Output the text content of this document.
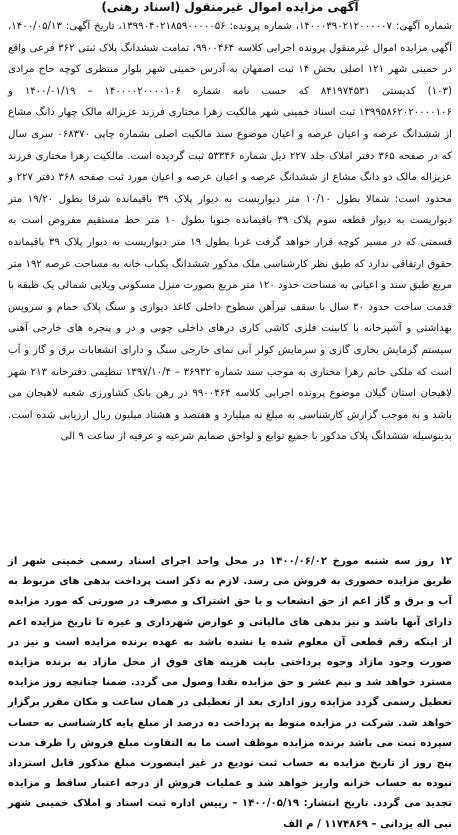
آگهی مزایده اموال غیرمنقول (اسناد رهنی)

شماره آگهی: ۱۴۰۰۰۳۹۰۲۱۲۰۰۰۰۰۷، شماره پرونده: ۱۳۹۹۰۴۰۲۱۸۵۹۰۰۰۰۰۵۶، تاریخ آگهی: ۱۴۰۰/۰۵/۱۳، آگهی مزایده اموال غیرمنقول پرونده اجرایی کلاسه ۹۹۰۰۴۶۴، تمامت ششدانگ پلاک ثبتی ۳۶۲ فرعی واقع در خمینی شهر ۱۲۱ اصلی بخش ۱۴ ثبت اصفهان به آدرس خمینی شهر بلوار منتظری کوچه حاج مرادی (۱۰۳) کدپستی ۸۴۱۹۷۴۵۳۱ که حسب نامه شماره ۱۴۰۰۰۰۲۰۰۰۰۱۰۶ – ۱۴۰۰/۰۱/۱۹ و ۱۳۹۹۵۸۶۲۰۲۰۰۰۰۱۰۶ ثبت اسناد خمینی شهر مالکیت زهرا مختاری فرزند عزیزاله مالک چهار دانگ مشاع از ششدانگ عرصه و اعیان عرصه و اعیان موضوع سند مالکیت اصلی بشماره چاپی ۰۶۸۳۷۰ سری سال که در صفحه ۳۶۵ دفتر املاک جلد ۲۲۷ ذیل شماره ۵۳۳۴۶ ثبت گردیده است. مالکیت زهرا مختاری فرزند عزیزاله مالک دو دانگ مشاع از ششدانگ عرصه و اعیان عرصه و اعیان مورد ثبت صفحه ۳۶۸ دفتر ۲۲۷ و محدود است: شمالا بطول ۱۰/۱۰ متر دیواریست به دیوار پلاک ۳۹ باقیمانده شرقا بطول ۱۹/۲۰ متر دیواریست به دیوار قطعه سوم پلاک ۳۹ باقیمانده جنوبا بطول ۱۰ متر خط مستقیم مفروض است به قسمتی که در مسیر کوچه قرار خواهد گرفت غربا بطول ۱۹ متر دیواریست به دیوار پلاک ۳۹ باقیمانده حقوق ارتفاقی ندارد که طبق نظر کارشناسی ملک مذکور ششدانگ یکباب خانه به مساحت عرصه ۱۹۲ متر مربع طبق سند و اعیانی به مساحت حدود ۱۲۰ متر مربع بصورت منزل مسکونی ویلایی شمالی یک طبقه با قدمت ساخت حدود ۳۰ سال با سقف تیرآهن سطوح داخلی کاغذ دیواری و سنگ پلاک حمام و سرویس بهداشتی و آشپزخانه با کابینت فلزی کاشی کاری درهای داخلی چوبی و در و پنجره های خارجی آهنی سیستم گرمایش بخاری گازی و سرمایش کولر آبی نمای خارجی سنگ و دارای انشعابات برق و گاز و آب است که ملکی خانم زهرا مختاری به موجب سند شماره ۳۶۹۳۲ – ۱۳۹۷/۱۰/۴ تنظیمی دفترخانه ۲۱۳ شهر لاهیجان استان گیلان موضوع پرونده اجرایی کلاسه ۹۹۰۰۴۶۴ در رهن بانک کشاورزی شعبه لاهیجان می باشد و به موجب گزارش کارشناسی به مبلغ نه میلیارد و هفتصد و هشتاد میلیون ریال ارزیابی شده است. بدینوسیله ششدانگ پلاک مذکور با جمیع توابع و لواحق ضمایم شرعیه و عرفیه از ساعت ۹ الی

۱۲ روز سه شنبه مورخ ۱۴۰۰/۰۶/۰۲ در محل واحد اجرای اسناد رسمی خمینی شهر از طریق مزایده حضوری به فروش می رسد. لازم به ذکر است پرداخت بدهی های مربوط به آب و برق و گاز اعم از حق انشعاب و یا حق اشتراک و مصرف در صورتی که مورد مزایده دارای آنها باشد و نیز بدهی های مالیاتی و عوارض شهرداری و غیره تا تاریخ مزایده اعم از اینکه رقم قطعی آن معلوم شده یا نشده باشد به عهده برنده مزایده است و نیز در صورت وجود مازاد وجوه پرداختی بابت هزینه های فوق از محل مازاد به برنده مزایده مسترد خواهد شد و نیم عشر و حق مزایده نقدا وصول می گردد. ضمنا چنانچه روز مزایده تعطیل رسمی گردد مزایده روز اداری بعد از تعطیلی در همان ساعت و مکان مقرر برگزار خواهد شد. شرکت در مزایده منوط به پرداخت ده درصد از مبلغ پایه کارشناسی به حساب سپرده ثبت می باشد برنده مزایده موظف است ما به التفاوت مبلغ فروش را ظرف مدت پنج روز از تاریخ مزایده به حساب ثبت تودیع در غیر اینصورت مبلغ مذکور قابل استرداد نبوده به حساب خزانه واریز خواهد شد و عملیات فروش از درجه اعتبار ساقط و مزایده تجدید می گردد. تاریخ انتشار: ۱۴۰۰/۰۵/۱۹ – رییس اداره ثبت اسناد و املاک خمینی شهر نبی اله یزدانی – ۱۱۷۴۸۶۹ / م الف
